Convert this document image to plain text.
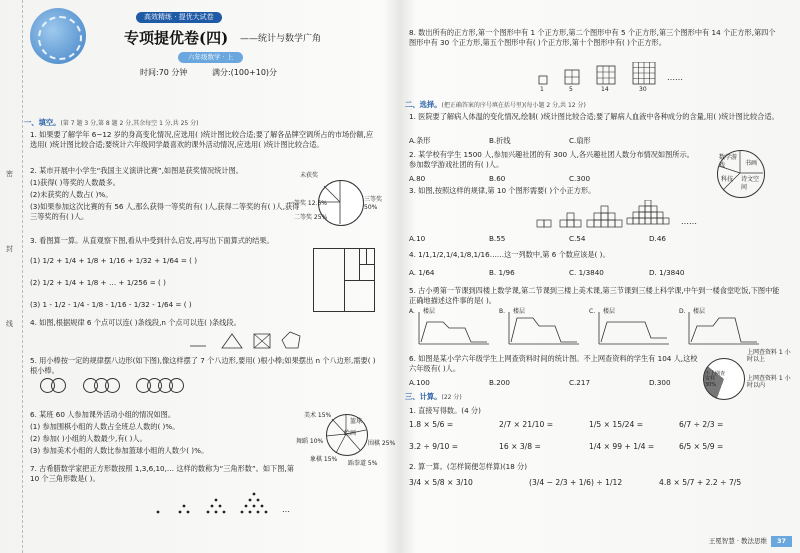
密
封
线
高效精练 · 提优大试卷
专项提优卷(四) ——统计与数学广角
六年级数学 · 上
时间:70 分钟	满分:(100+10)分
一、填空。(第 7 题 3 分,第 8 题 2 分,其余每空 1 分,共 25 分)
1. 如果要了解学年 6~12 岁的身高变化情况,应选用( )统计图比较合适;要了解各品牌空调所占的市场份额,应选用( )统计图比较合适;要统计六年级同学最喜欢的课外活动情况,应选用( )统计图比较合适。
2. 某市开展中小学生“我国主义演讲比赛”,如图是获奖情况统计图。
(1)获得( )等奖的人数最多。
(2)未获奖的人数占( )%。
(3)如果参加这次比赛的有 56 人,那么获得一等奖的有( )人,获得二等奖的有( )人,获得三等奖的有( )人。
未获奖
一等奖 12.5%
二等奖 25%
三等奖 50%
3. 看图算一算。从直观察下图,看从中受到什么启发,再写出下面算式的结果。
(1) 1/2 + 1/4 + 1/8 + 1/16 + 1/32 + 1/64 = ( )
(2) 1/2 + 1/4 + 1/8 + … + 1/256 = ( )
(3) 1 - 1/2 - 1/4 - 1/8 - 1/16 - 1/32 - 1/64 = ( )
4. 如图,根据规律 6 个点可以连( )条线段,n 个点可以连( )条线段。
5. 用小棒按一定的规律摆八边形(如下图),像这样摆了 7 个八边形,要用( )根小棒;如果摆出 n 个八边形,需要( )根小棒。

6. 某班 60 人参加课外活动小组的情况如图。
(1) 参加围棋小组的人数占全班总人数的( )%。
(2) 参加( )小组的人数最少,有( )人。
(3) 参加美术小组的人数比参加篮球小组的人数少( )%。
美术 15%
篮球
舞蹈 10%
绘画
围棋 25%
跆拳道 5%
象棋 15%
7. 古希腊数学家把正方形数按照 1,3,6,10,… 这样的数称为“三角形数”。如下图,第 10 个三角形数是( )。
…
8. 数出所有的正方形,第一个图形中有 1 个正方形,第二个图形中有 5 个正方形,第三个图形中有 14 个正方形,第四个图形中有 30 个正方形,第五个图形中有( )个正方形,第十个图形中有( )个正方形。
……
1	5	14	30
二、选择。(把正确答案的序号填在括号里)(每小题 2 分,共 12 分)
1. 医院要了解病人体温的变化情况,绘制( )统计图比较合适;要了解病人血液中各种成分的含量,用( )统计图比较合适。
A.条形	B.折线	C.扇形
2. 某学校有学生 1500 人,参加兴趣社团的有 300 人,各兴趣社团人数分布情况如图所示。参加数学游戏社团的有( )人。
A.80	B.60	C.300
数学游戏	书画
诗文空间
科技
3. 如图,按照这样的规律,第 10 个图形需要( )个小正方形。
……
A.10	B.55	C.54	D.46
4. 1/1,1/2,1/4,1/8,1/16……这一列数中,第 6 个数应该是( )。
A. 1/64	B. 1/96	C. 1/3840	D. 1/3840
5. 古小勇第一节课到四楼上数学课,第二节课到三楼上美术课,第三节课到三楼上科学课,中午到一楼食堂吃饭,下图中能正确地描述这件事的是( )。
A. 楼层	B. 楼层	C. 楼层	D. 楼层
6. 如图是某小学六年级学生上网查资料时间的统计图。不上网查资料的学生有 104 人,这校六年级有( )人。
A.100	B.200	C.217	D.300
上网查资料 1 小时以上
不上网查资料 30%
上网查资料 1 小时以内
三、计算。(22 分)
1. 直接写得数。(4 分)
1.8 × 5/6 =	2/7 × 21/10 =	1/5 × 15/24 =	6/7 ÷ 2/3 =
3.2 ÷ 9/10 =	16 × 3/8 =	1/4 × 99 + 1/4 =	6/5 × 5/9 =
2. 算一算。(怎样简便怎样算)(18 分)
3/4 × 5/8 × 3/10	(3/4 − 2/3 + 1/6) ÷ 1/12	4.8 × 5/7 + 2.2 ÷ 7/5
王冕智慧 · 教法思维 37
